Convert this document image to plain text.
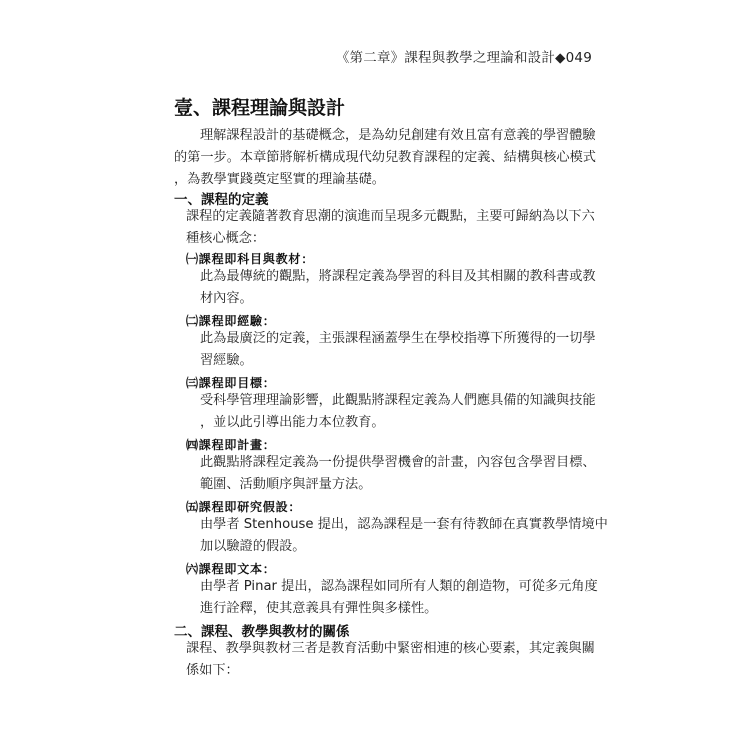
《第二章》課程與教學之理論和設計◆049
壹、課程理論與設計
理解課程設計的基礎概念，是為幼兒創建有效且富有意義的學習體驗
的第一步。本章節將解析構成現代幼兒教育課程的定義、結構與核心模式
，為教學實踐奠定堅實的理論基礎。
一、課程的定義
課程的定義隨著教育思潮的演進而呈現多元觀點，主要可歸納為以下六
種核心概念：
㈠課程即科目與教材：
此為最傳統的觀點，將課程定義為學習的科目及其相關的教科書或教
材內容。
㈡課程即經驗：
此為最廣泛的定義，主張課程涵蓋學生在學校指導下所獲得的一切學
習經驗。
㈢課程即目標：
受科學管理理論影響，此觀點將課程定義為人們應具備的知識與技能
，並以此引導出能力本位教育。
㈣課程即計畫：
此觀點將課程定義為一份提供學習機會的計畫，內容包含學習目標、
範圍、活動順序與評量方法。
㈤課程即研究假設：
由學者 Stenhouse 提出，認為課程是一套有待教師在真實教學情境中
加以驗證的假設。
㈥課程即文本：
由學者 Pinar 提出，認為課程如同所有人類的創造物，可從多元角度
進行詮釋，使其意義具有彈性與多樣性。
二、課程、教學與教材的關係
課程、教學與教材三者是教育活動中緊密相連的核心要素，其定義與關
係如下：
